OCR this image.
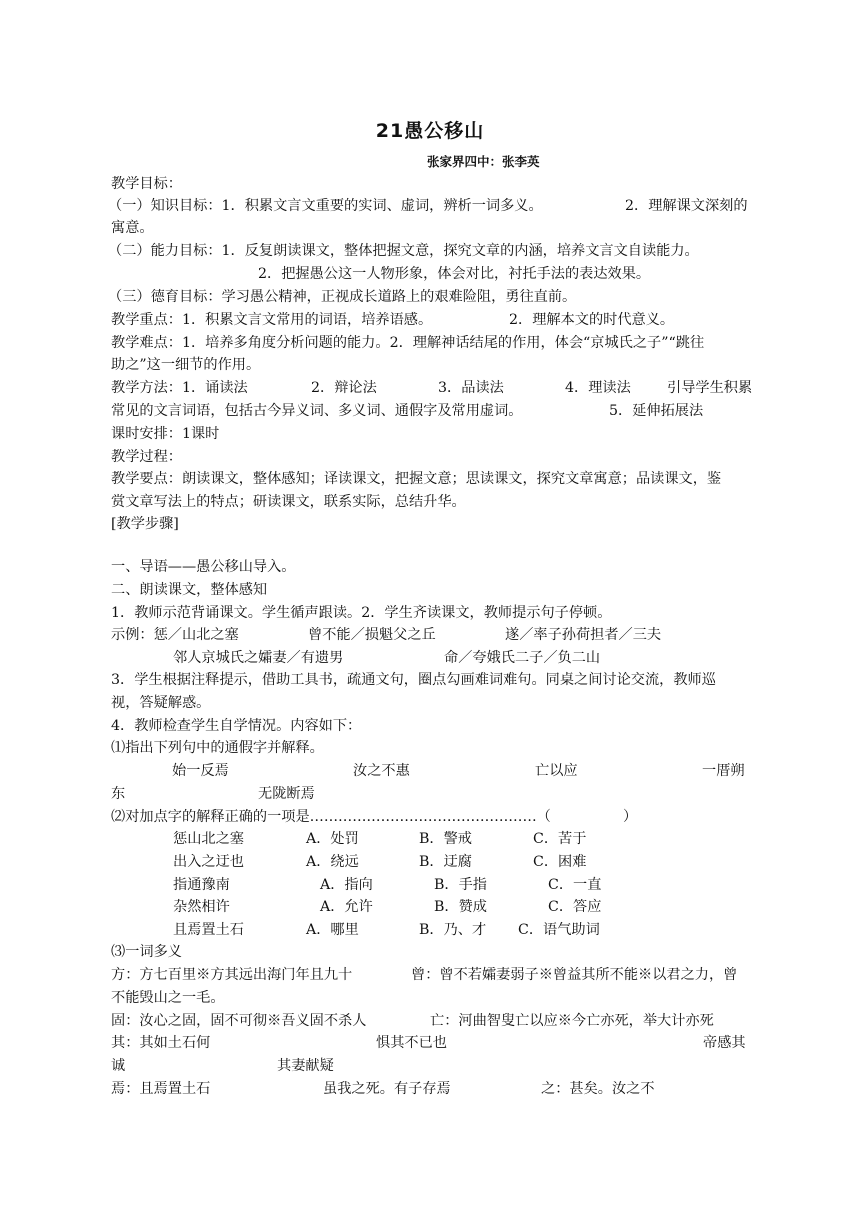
21愚公移山
张家界四中：张李英
教学目标：
（一）知识目标：1．积累文言文重要的实词、虚词，辨析一词多义。	2．理解课文深刻的
寓意。
（二）能力目标：1．反复朗读课文，整体把握文意，探究文章的内涵，培养文言文自读能力。
2．把握愚公这一人物形象，体会对比，衬托手法的表达效果。
（三）德育目标：学习愚公精神，正视成长道路上的艰难险阻，勇往直前。
教学重点：1．积累文言文常用的词语，培养语感。	2．理解本文的时代意义。
教学难点：1．培养多角度分析问题的能力。2．理解神话结尾的作用，体会“京城氏之子”“跳往
助之”这一细节的作用。
教学方法：1．诵读法	2．辩论法	3．品读法	4．理读法	引导学生积累
常见的文言词语，包括古今异义词、多义词、通假字及常用虚词。	5．延伸拓展法
课时安排：1课时
教学过程：
教学要点：朗读课文，整体感知；译读课文，把握文意；思读课文，探究文章寓意；品读课文，鉴
赏文章写法上的特点；研读课文，联系实际，总结升华。
[教学步骤]
一、导语——愚公移山导入。
二、朗读课文，整体感知
1．教师示范背诵课文。学生循声跟读。2．学生齐读课文，教师提示句子停顿。
示例：惩／山北之塞	曾不能／损魁父之丘	遂／率子孙荷担者／三夫
邻人京城氏之孀妻／有遗男	命／夸娥氏二子／负二山
3．学生根据注释提示，借助工具书，疏通文句，圈点勾画难词难句。同桌之间讨论交流，教师巡
视，答疑解惑。
4．教师检查学生自学情况。内容如下：
⑴指出下列句中的通假字并解释。
始一反焉	汝之不惠	亡以应	一厝朔
东	无陇断焉
⑵对加点字的解释正确的一项是…………………………………………（	）
惩山北之塞	A．处罚	B．警戒	C．苦于
出入之迂也	A．绕远	B．迂腐	C．困难
指通豫南	A．指向	B．手指	C．一直
杂然相许	A．允许	B．赞成	C．答应
且焉置土石	A．哪里	B．乃、才 C．语气助词
⑶一词多义
方：方七百里※方其远出海门年且九十	曾：曾不若孀妻弱子※曾益其所不能※以君之力，曾
不能毁山之一毛。
固：汝心之固，固不可彻※吾义固不杀人	亡：河曲智叟亡以应※今亡亦死，举大计亦死
其：其如土石何	惧其不已也	帝感其
诚	其妻献疑
焉：且焉置土石	虽我之死。有子存焉	之：甚矣。汝之不
